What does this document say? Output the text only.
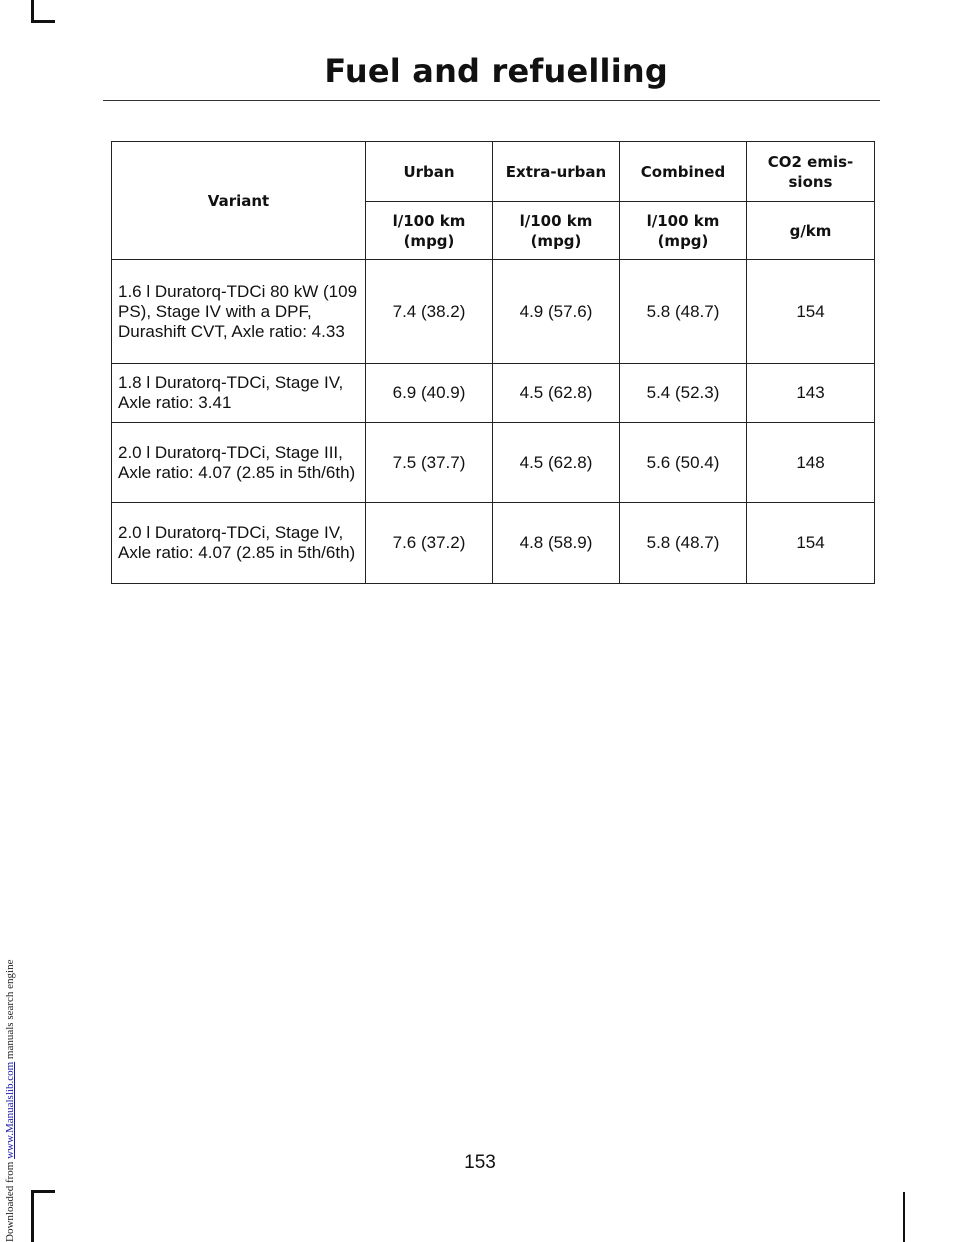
Downloaded from www.Manualslib.com manuals search engine
Fuel and refuelling
Variant	Urban	Extra-urban	Combined	CO2 emis-sions
	l/100 km (mpg)	l/100 km (mpg)	l/100 km (mpg)	g/km
1.6 l Duratorq-TDCi 80 kW (109 PS), Stage IV with a DPF, Durashift CVT, Axle ratio: 4.33	7.4 (38.2)	4.9 (57.6)	5.8 (48.7)	154
1.8 l Duratorq-TDCi, Stage IV, Axle ratio: 3.41	6.9 (40.9)	4.5 (62.8)	5.4 (52.3)	143
2.0 l Duratorq-TDCi, Stage III, Axle ratio: 4.07 (2.85 in 5th/6th)	7.5 (37.7)	4.5 (62.8)	5.6 (50.4)	148
2.0 l Duratorq-TDCi, Stage IV, Axle ratio: 4.07 (2.85 in 5th/6th)	7.6 (37.2)	4.8 (58.9)	5.8 (48.7)	154
153
